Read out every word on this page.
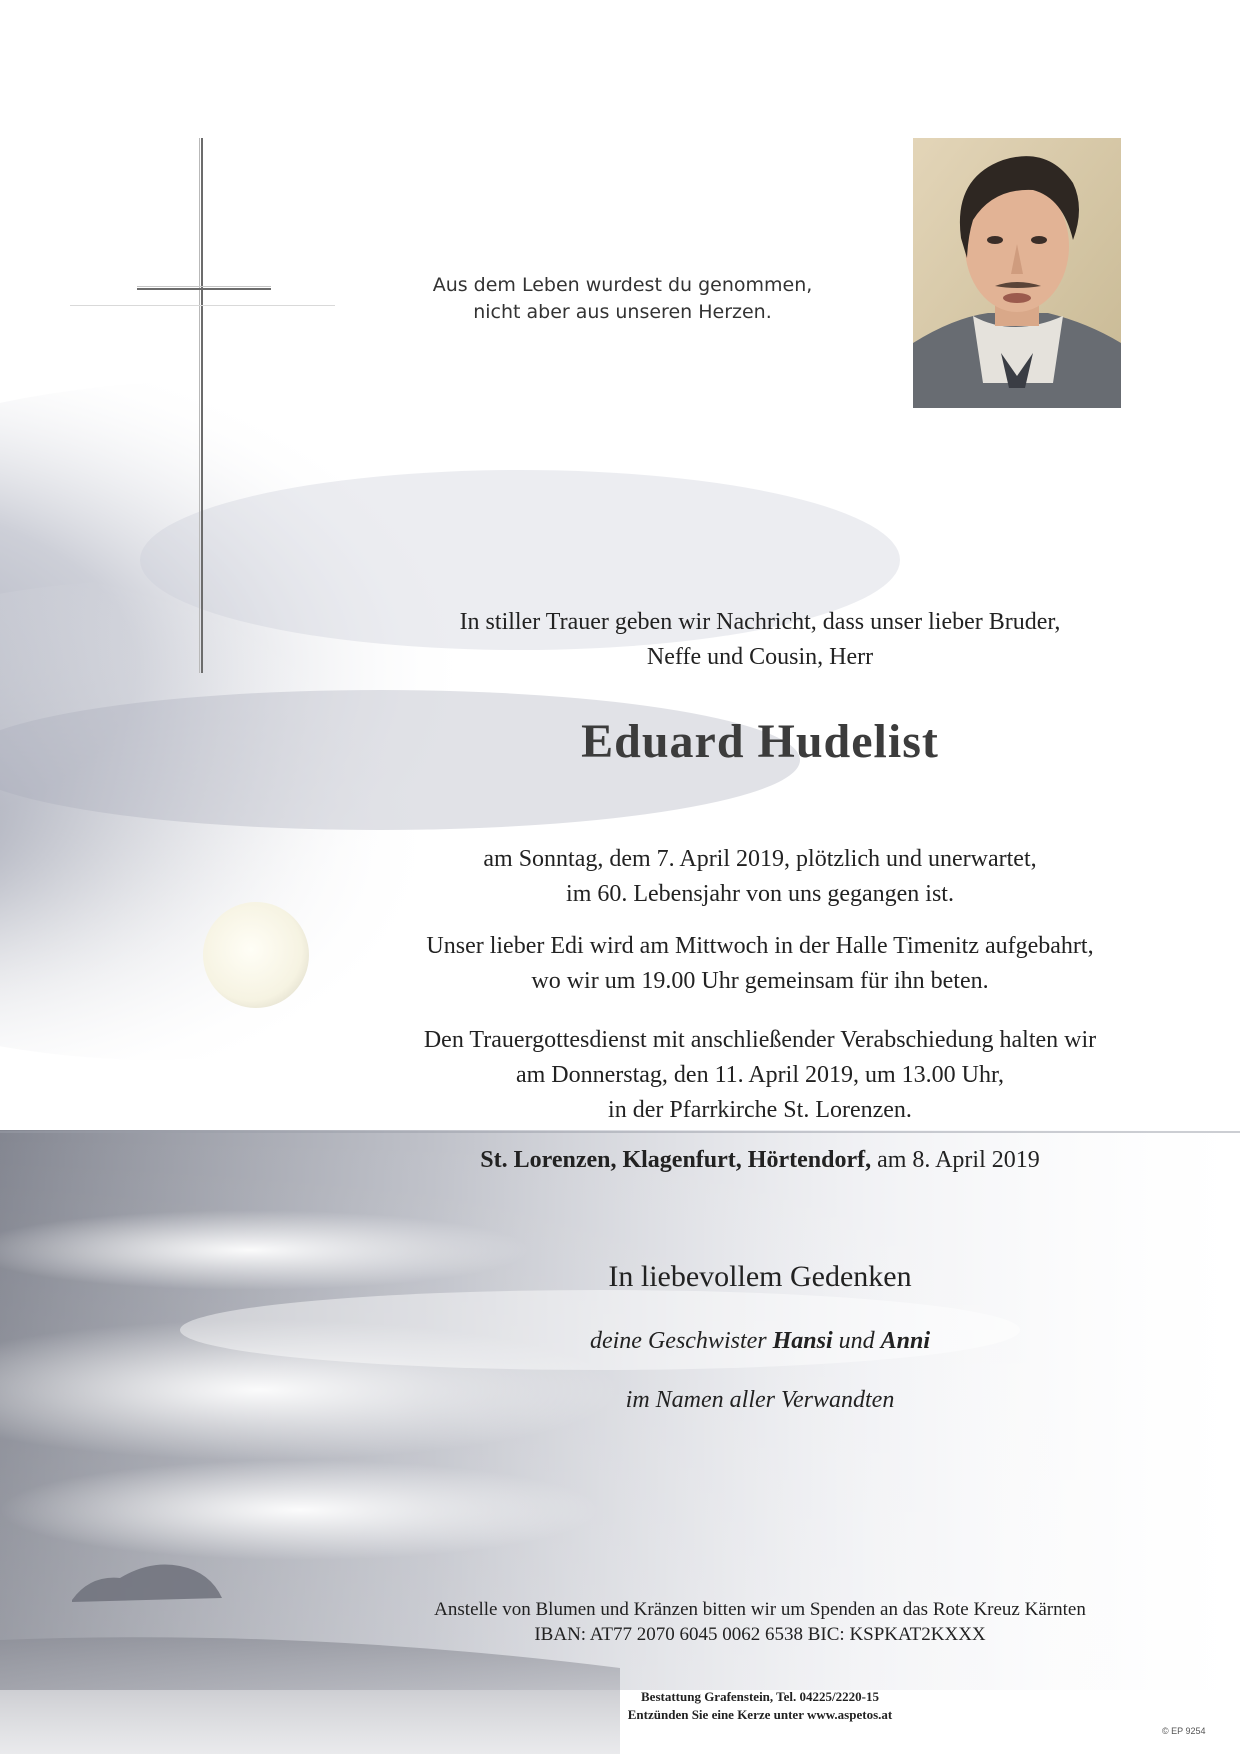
Aus dem Leben wurdest du genommen,
nicht aber aus unseren Herzen.
In stiller Trauer geben wir Nachricht, dass unser lieber Bruder,
Neffe und Cousin, Herr
Eduard Hudelist
am Sonntag, dem 7. April 2019, plötzlich und unerwartet,
im 60. Lebensjahr von uns gegangen ist.
Unser lieber Edi wird am Mittwoch in der Halle Timenitz aufgebahrt,
wo wir um 19.00 Uhr gemeinsam für ihn beten.
Den Trauergottesdienst mit anschließender Verabschiedung halten wir
am Donnerstag, den 11. April 2019, um 13.00 Uhr,
in der Pfarrkirche St. Lorenzen.
St. Lorenzen, Klagenfurt, Hörtendorf, am 8. April 2019
In liebevollem Gedenken
deine Geschwister Hansi und Anni
im Namen aller Verwandten
Anstelle von Blumen und Kränzen bitten wir um Spenden an das Rote Kreuz Kärnten
IBAN: AT77 2070 6045 0062 6538 BIC: KSPKAT2KXXX
Bestattung Grafenstein, Tel. 04225/2220-15
Entzünden Sie eine Kerze unter www.aspetos.at
© EP 9254
